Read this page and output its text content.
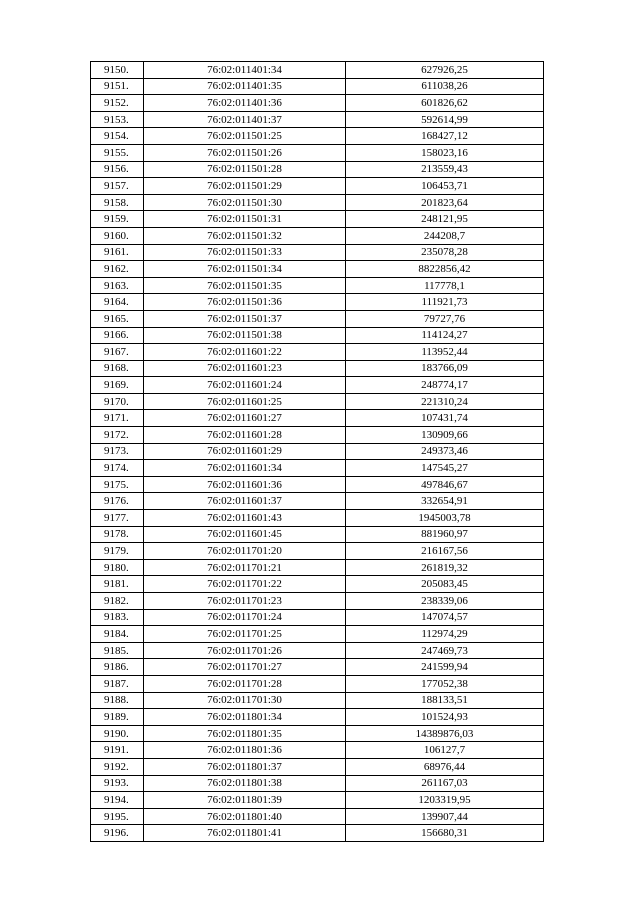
9150.	76:02:011401:34	627926,25
9151.	76:02:011401:35	611038,26
9152.	76:02:011401:36	601826,62
9153.	76:02:011401:37	592614,99
9154.	76:02:011501:25	168427,12
9155.	76:02:011501:26	158023,16
9156.	76:02:011501:28	213559,43
9157.	76:02:011501:29	106453,71
9158.	76:02:011501:30	201823,64
9159.	76:02:011501:31	248121,95
9160.	76:02:011501:32	244208,7
9161.	76:02:011501:33	235078,28
9162.	76:02:011501:34	8822856,42
9163.	76:02:011501:35	117778,1
9164.	76:02:011501:36	111921,73
9165.	76:02:011501:37	79727,76
9166.	76:02:011501:38	114124,27
9167.	76:02:011601:22	113952,44
9168.	76:02:011601:23	183766,09
9169.	76:02:011601:24	248774,17
9170.	76:02:011601:25	221310,24
9171.	76:02:011601:27	107431,74
9172.	76:02:011601:28	130909,66
9173.	76:02:011601:29	249373,46
9174.	76:02:011601:34	147545,27
9175.	76:02:011601:36	497846,67
9176.	76:02:011601:37	332654,91
9177.	76:02:011601:43	1945003,78
9178.	76:02:011601:45	881960,97
9179.	76:02:011701:20	216167,56
9180.	76:02:011701:21	261819,32
9181.	76:02:011701:22	205083,45
9182.	76:02:011701:23	238339,06
9183.	76:02:011701:24	147074,57
9184.	76:02:011701:25	112974,29
9185.	76:02:011701:26	247469,73
9186.	76:02:011701:27	241599,94
9187.	76:02:011701:28	177052,38
9188.	76:02:011701:30	188133,51
9189.	76:02:011801:34	101524,93
9190.	76:02:011801:35	14389876,03
9191.	76:02:011801:36	106127,7
9192.	76:02:011801:37	68976,44
9193.	76:02:011801:38	261167,03
9194.	76:02:011801:39	1203319,95
9195.	76:02:011801:40	139907,44
9196.	76:02:011801:41	156680,31
